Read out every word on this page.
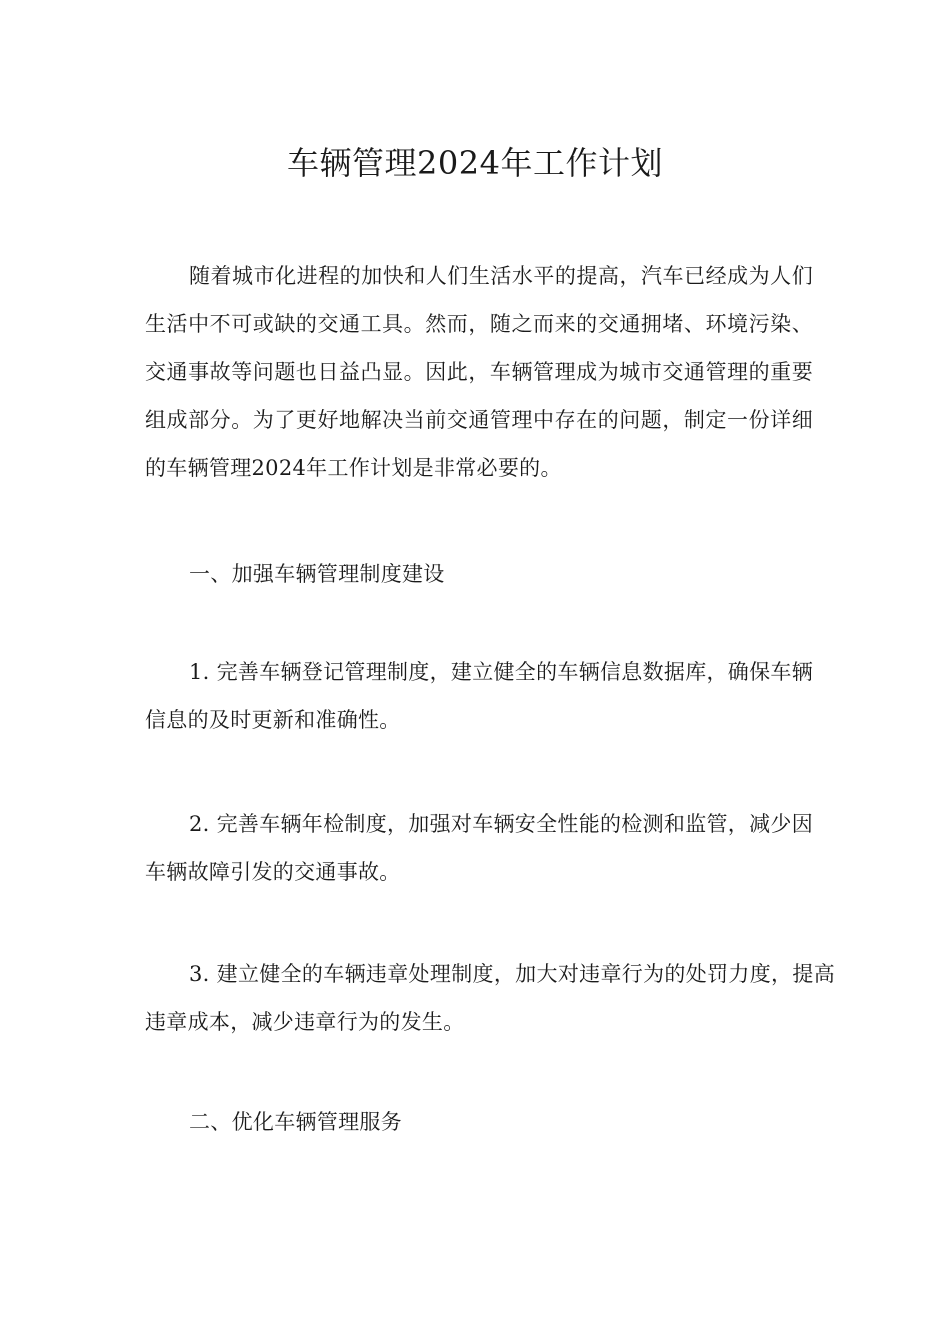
车辆管理2024年工作计划

随着城市化进程的加快和人们生活水平的提高，汽车已经成为人们生活中不可或缺的交通工具。然而，随之而来的交通拥堵、环境污染、交通事故等问题也日益凸显。因此，车辆管理成为城市交通管理的重要组成部分。为了更好地解决当前交通管理中存在的问题，制定一份详细的车辆管理2024年工作计划是非常必要的。

一、加强车辆管理制度建设

1. 完善车辆登记管理制度，建立健全的车辆信息数据库，确保车辆信息的及时更新和准确性。

2. 完善车辆年检制度，加强对车辆安全性能的检测和监管，减少因车辆故障引发的交通事故。

3. 建立健全的车辆违章处理制度，加大对违章行为的处罚力度，提高违章成本，减少违章行为的发生。

二、优化车辆管理服务
